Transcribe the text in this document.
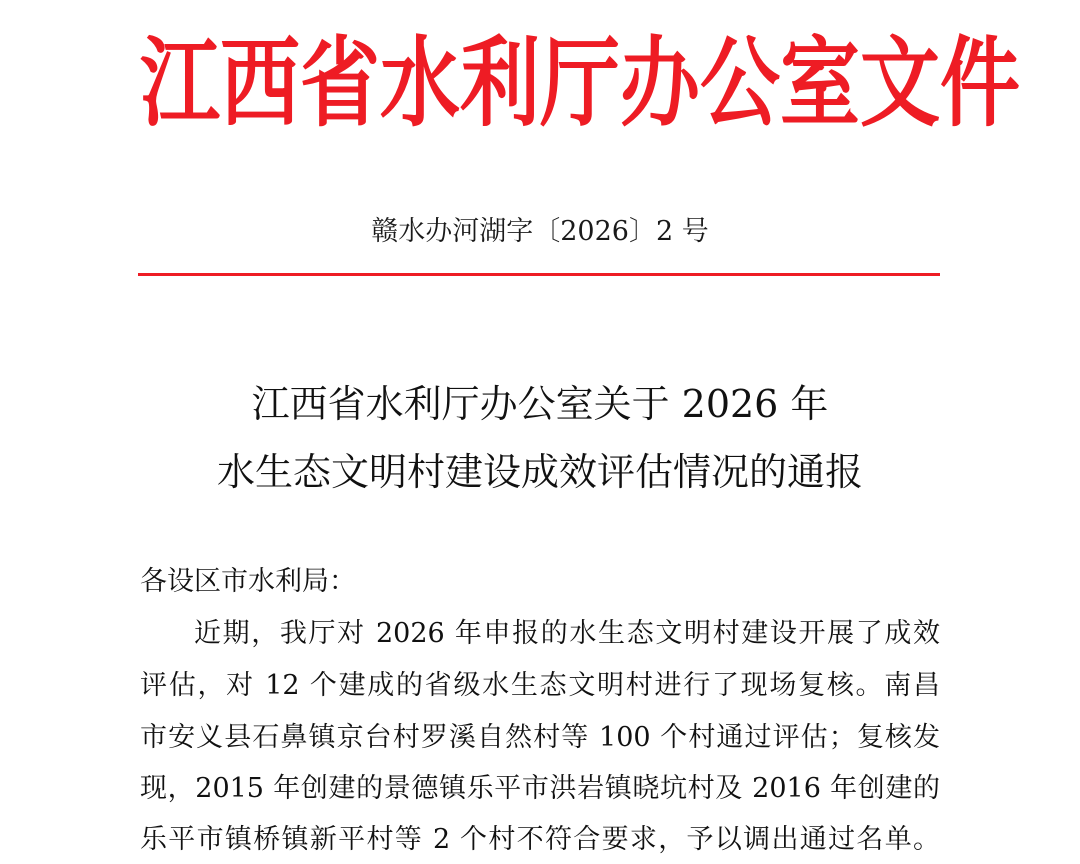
江西省水利厅办公室文件
赣水办河湖字〔2026〕2 号
江西省水利厅办公室关于 2026 年
水生态文明村建设成效评估情况的通报
各设区市水利局：
近期，我厅对 2026 年申报的水生态文明村建设开展了成效
评估，对 12 个建成的省级水生态文明村进行了现场复核。南昌
市安义县石鼻镇京台村罗溪自然村等 100 个村通过评估；复核发
现，2015 年创建的景德镇乐平市洪岩镇晓坑村及 2016 年创建的
乐平市镇桥镇新平村等 2 个村不符合要求，予以调出通过名单。
